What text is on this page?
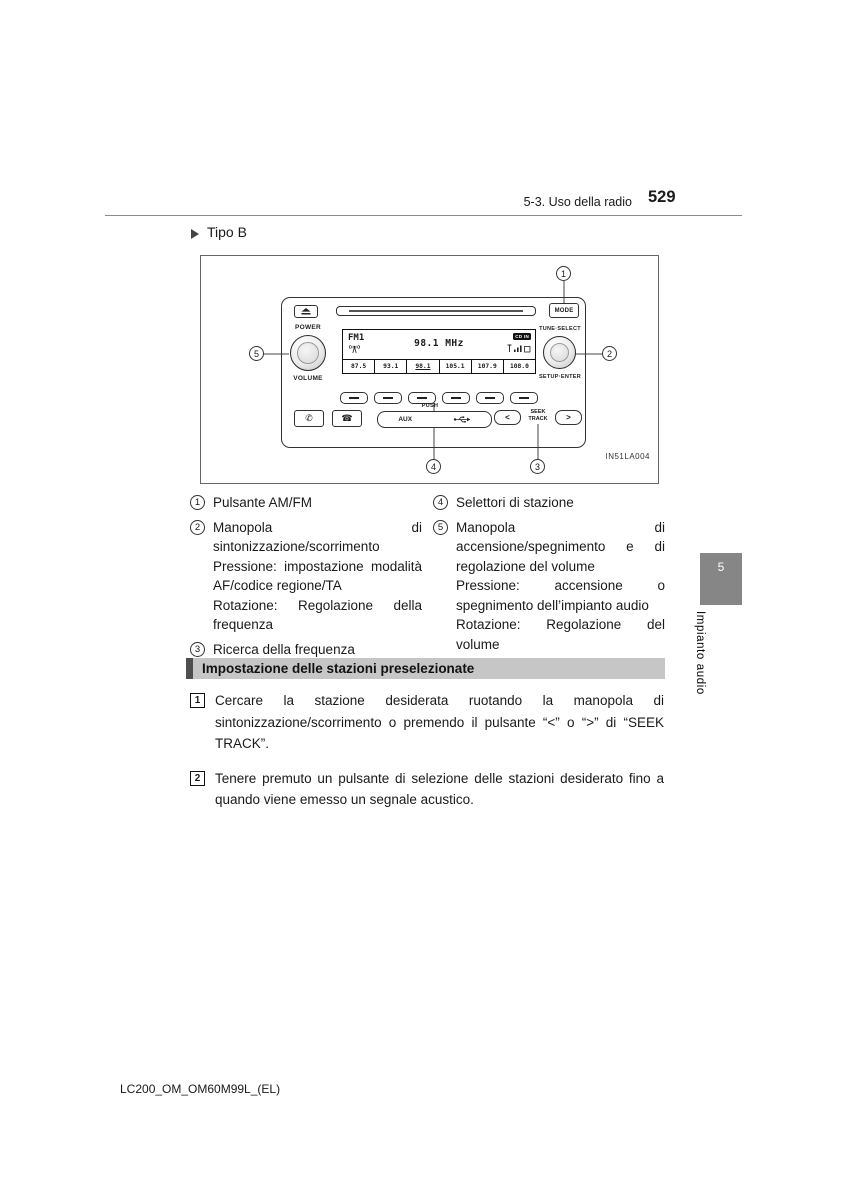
5-3. Uso della radio 529
Tipo B
MODE
POWER
VOLUME
FM1	98.1 MHz
CD IN
87.5	93.1	98.1 105.1 107.9 108.0
TUNE·SELECT
SETUP·ENTER
✆	☎
PUSH
AUX	<
SEEK
TRACK	>
IN51LA004
1
2
3
4
5
1 Pulsante AM/FM

2 Manopola di sintonizzazione/scorrimento

Pressione: impostazione modalità AF/codice regione/TA

Rotazione: Regolazione della frequenza

3 Ricerca della frequenza

4 Selettori di stazione

5 Manopola di accensione/spegnimento e di regolazione del volume

Pressione: accensione o spegnimento dell’impianto audio

Rotazione: Regolazione del volume

Impostazione delle stazioni preselezionate
1	Cercare la stazione desiderata ruotando la manopola di sintonizzazione/scorrimento o premendo il pulsante “<” o “>” di “SEEK TRACK”.
2	Tenere premuto un pulsante di selezione delle stazioni desiderato fino a quando viene emesso un segnale acustico.
5
Impianto audio
LC200_OM_OM60M99L_(EL)
